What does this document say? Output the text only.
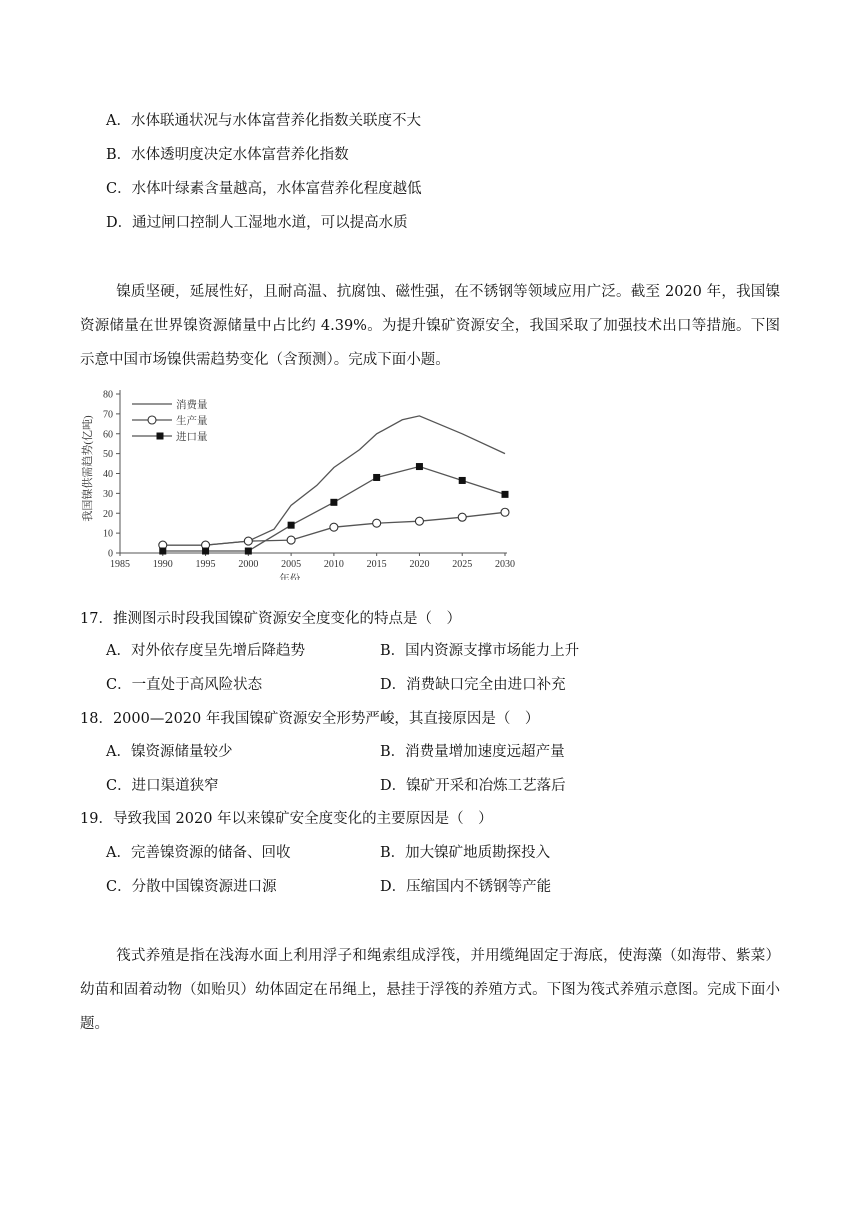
A．水体联通状况与水体富营养化指数关联度不大
B．水体透明度决定水体富营养化指数
C．水体叶绿素含量越高，水体富营养化程度越低
D．通过闸口控制人工湿地水道，可以提高水质
镍质坚硬，延展性好，且耐高温、抗腐蚀、磁性强，在不锈钢等领域应用广泛。截至 2020 年，我国镍资源储量在世界镍资源储量中占比约 4.39%。为提升镍矿资源安全，我国采取了加强技术出口等措施。下图示意中国市场镍供需趋势变化（含预测）。完成下面小题。
0
10
20
30
40
50
60
70
80
1985 1990 1995 2000 2005 2010 2015 2020 2025 2030
年份
我国镍供需趋势(亿吨)
消费量
生产量
进口量
17．推测图示时段我国镍矿资源安全度变化的特点是（　）
A．对外依存度呈先增后降趋势	B．国内资源支撑市场能力上升
C．一直处于高风险状态	D．消费缺口完全由进口补充
18．2000—2020 年我国镍矿资源安全形势严峻，其直接原因是（　）
A．镍资源储量较少	B．消费量增加速度远超产量
C．进口渠道狭窄	D．镍矿开采和冶炼工艺落后
19．导致我国 2020 年以来镍矿安全度变化的主要原因是（　）
A．完善镍资源的储备、回收	B．加大镍矿地质勘探投入
C．分散中国镍资源进口源	D．压缩国内不锈钢等产能
筏式养殖是指在浅海水面上利用浮子和绳索组成浮筏，并用缆绳固定于海底，使海藻（如海带、紫菜）幼苗和固着动物（如贻贝）幼体固定在吊绳上，悬挂于浮筏的养殖方式。下图为筏式养殖示意图。完成下面小题。
